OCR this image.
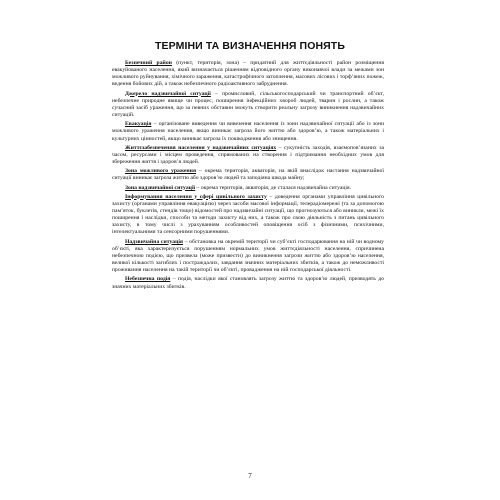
ТЕРМІНИ ТА ВИЗНАЧЕННЯ ПОНЯТЬ

Безпечний район (пункт, територія, зона) – придатний для життєдіяльності район розміщення евакуйованого населення, який визначається рішенням відповідного органу виконавчої влади за межами зон можливого руйнування, хімічного зараження, катастрофічного затоплення, масових лісових і торф’яних пожеж, ведення бойових дій, а також небезпечного радіоактивного забруднення.

Джерело надзвичайної ситуації – промисловий, сільськогосподарський чи транспортний об’єкт, небезпечне природне явище чи процес, поширення інфекційних хвороб людей, тварин і рослин, а також сучасний засіб ураження, що за певних обставин можуть створити реальну загрозу виникнення надзвичайних ситуацій.

Евакуація – організоване виведення чи вивезення населення із зони надзвичайної ситуації або із зони можливого ураження населення, якщо виникає загроза його життю або здоров’ю, а також матеріальних і культурних цінностей, якщо виникає загроза їх пошкодження або знищення.

Життєзабезпечення населення у надзвичайних ситуаціях – сукупність заходів, взаємопов’язаних за часом, ресурсами і місцем проведення, спрямованих на створення і підтримання необхідних умов для збереження життя і здоров’я людей.

Зона можливого ураження – окрема територія, акваторія, на якій внаслідок настання надзвичайної ситуації виникає загроза життю або здоров’ю людей та заподіяна шкода майну;

Зона надзвичайної ситуації – окрема територія, акваторія, де сталася надзвичайна ситуація.

Інформування населення у сфері цивільного захисту – доведення органами управління цивільного захисту (органами управління евакуацією) через засоби масової інформації, телерадіомережі (та за допомогою пам’яток, буклетів, стендів тощо) відомостей про надзвичайні ситуації, що прогнозуються або виникли, межі їх поширення і наслідки, способи та методи захисту від них, а також про свою діяльність з питань цивільного захисту, в тому числі з урахуванням особливостей оповіщення осіб з фізичними, психічними, інтелектуальними та сенсорними порушеннями.

Надзвичайна ситуація – обстановка на окремій території чи суб’єкті господарювання на ній чи водному об’єкті, яка характеризується порушенням нормальних умов життєдіяльності населення, спричинена небезпечною подією, що призвела (може призвести) до виникнення загрози життю або здоров’ю населення, великої кількості загиблих і постраждалих, завдання значних матеріальних збитків, а також до неможливості проживання населення на такій території чи об’єкті, провадження на ній господарської діяльності.

Небезпечна подія – подія, наслідки якої становлять загрозу життю та здоров’ю людей, призводять до значних матеріальних збитків.

7
